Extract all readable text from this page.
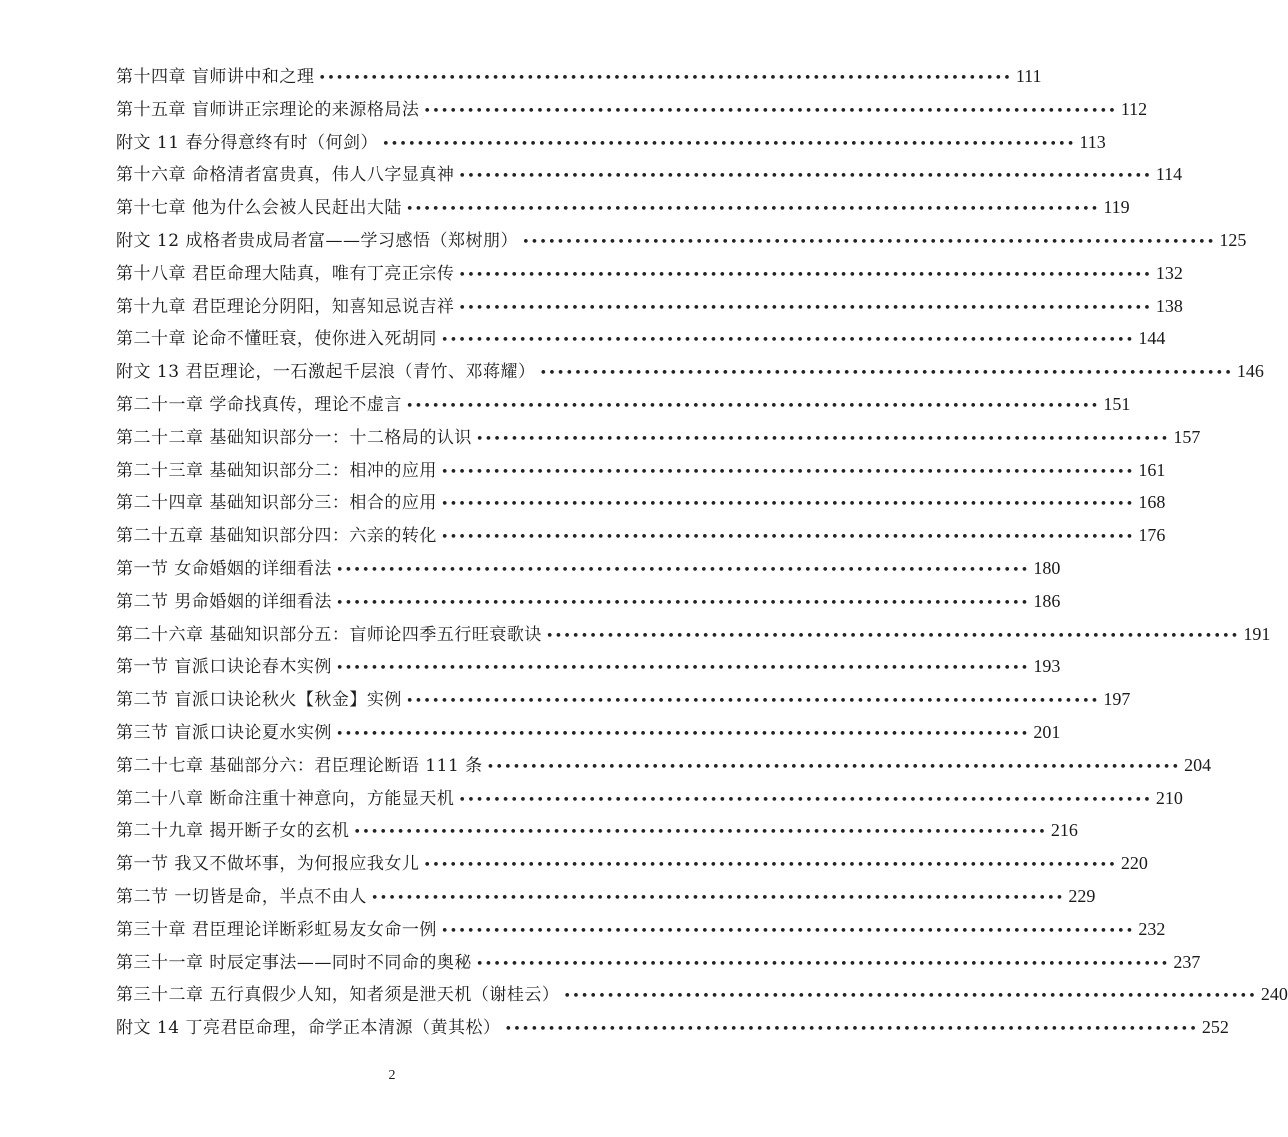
第十四章 盲师讲中和之理 •••••••••••••••••••••••••••••••••••••••••••••••••••••••••••••••••••••••••••••••• 111
第十五章 盲师讲正宗理论的来源格局法 •••••••••••••••••••••••••••••••••••••••••••••••••••••••••••••••••••••••••••••••• 112
附文 11 春分得意终有时（何剑） •••••••••••••••••••••••••••••••••••••••••••••••••••••••••••••••••••••••••••••••• 113
第十六章 命格清者富贵真，伟人八字显真神 •••••••••••••••••••••••••••••••••••••••••••••••••••••••••••••••••••••••••••••••• 114
第十七章 他为什么会被人民赶出大陆 •••••••••••••••••••••••••••••••••••••••••••••••••••••••••••••••••••••••••••••••• 119
附文 12 成格者贵成局者富——学习感悟（郑树朋） •••••••••••••••••••••••••••••••••••••••••••••••••••••••••••••••••••••••••••••••• 125
第十八章 君臣命理大陆真，唯有丁亮正宗传 •••••••••••••••••••••••••••••••••••••••••••••••••••••••••••••••••••••••••••••••• 132
第十九章 君臣理论分阴阳，知喜知忌说吉祥 •••••••••••••••••••••••••••••••••••••••••••••••••••••••••••••••••••••••••••••••• 138
第二十章 论命不懂旺衰，使你进入死胡同 •••••••••••••••••••••••••••••••••••••••••••••••••••••••••••••••••••••••••••••••• 144
附文 13 君臣理论，一石激起千层浪（青竹、邓蒋耀） •••••••••••••••••••••••••••••••••••••••••••••••••••••••••••••••••••••••••••••••• 146
第二十一章 学命找真传，理论不虚言 •••••••••••••••••••••••••••••••••••••••••••••••••••••••••••••••••••••••••••••••• 151
第二十二章 基础知识部分一：十二格局的认识 •••••••••••••••••••••••••••••••••••••••••••••••••••••••••••••••••••••••••••••••• 157
第二十三章 基础知识部分二：相冲的应用 •••••••••••••••••••••••••••••••••••••••••••••••••••••••••••••••••••••••••••••••• 161
第二十四章 基础知识部分三：相合的应用 •••••••••••••••••••••••••••••••••••••••••••••••••••••••••••••••••••••••••••••••• 168
第二十五章 基础知识部分四：六亲的转化 •••••••••••••••••••••••••••••••••••••••••••••••••••••••••••••••••••••••••••••••• 176
第一节 女命婚姻的详细看法 •••••••••••••••••••••••••••••••••••••••••••••••••••••••••••••••••••••••••••••••• 180
第二节 男命婚姻的详细看法 •••••••••••••••••••••••••••••••••••••••••••••••••••••••••••••••••••••••••••••••• 186
第二十六章 基础知识部分五：盲师论四季五行旺衰歌诀 •••••••••••••••••••••••••••••••••••••••••••••••••••••••••••••••••••••••••••••••• 191
第一节 盲派口诀论春木实例 •••••••••••••••••••••••••••••••••••••••••••••••••••••••••••••••••••••••••••••••• 193
第二节 盲派口诀论秋火【秋金】实例 •••••••••••••••••••••••••••••••••••••••••••••••••••••••••••••••••••••••••••••••• 197
第三节 盲派口诀论夏水实例 •••••••••••••••••••••••••••••••••••••••••••••••••••••••••••••••••••••••••••••••• 201
第二十七章 基础部分六：君臣理论断语 111 条 •••••••••••••••••••••••••••••••••••••••••••••••••••••••••••••••••••••••••••••••• 204
第二十八章 断命注重十神意向，方能显天机 •••••••••••••••••••••••••••••••••••••••••••••••••••••••••••••••••••••••••••••••• 210
第二十九章 揭开断子女的玄机 •••••••••••••••••••••••••••••••••••••••••••••••••••••••••••••••••••••••••••••••• 216
第一节 我又不做坏事，为何报应我女儿 •••••••••••••••••••••••••••••••••••••••••••••••••••••••••••••••••••••••••••••••• 220
第二节 一切皆是命，半点不由人 •••••••••••••••••••••••••••••••••••••••••••••••••••••••••••••••••••••••••••••••• 229
第三十章 君臣理论详断彩虹易友女命一例 •••••••••••••••••••••••••••••••••••••••••••••••••••••••••••••••••••••••••••••••• 232
第三十一章 时辰定事法——同时不同命的奥秘 •••••••••••••••••••••••••••••••••••••••••••••••••••••••••••••••••••••••••••••••• 237
第三十二章 五行真假少人知，知者须是泄天机（谢桂云） •••••••••••••••••••••••••••••••••••••••••••••••••••••••••••••••••••••••••••••••• 240
附文 14 丁亮君臣命理，命学正本清源（黄其松） •••••••••••••••••••••••••••••••••••••••••••••••••••••••••••••••••••••••••••••••• 252
2
